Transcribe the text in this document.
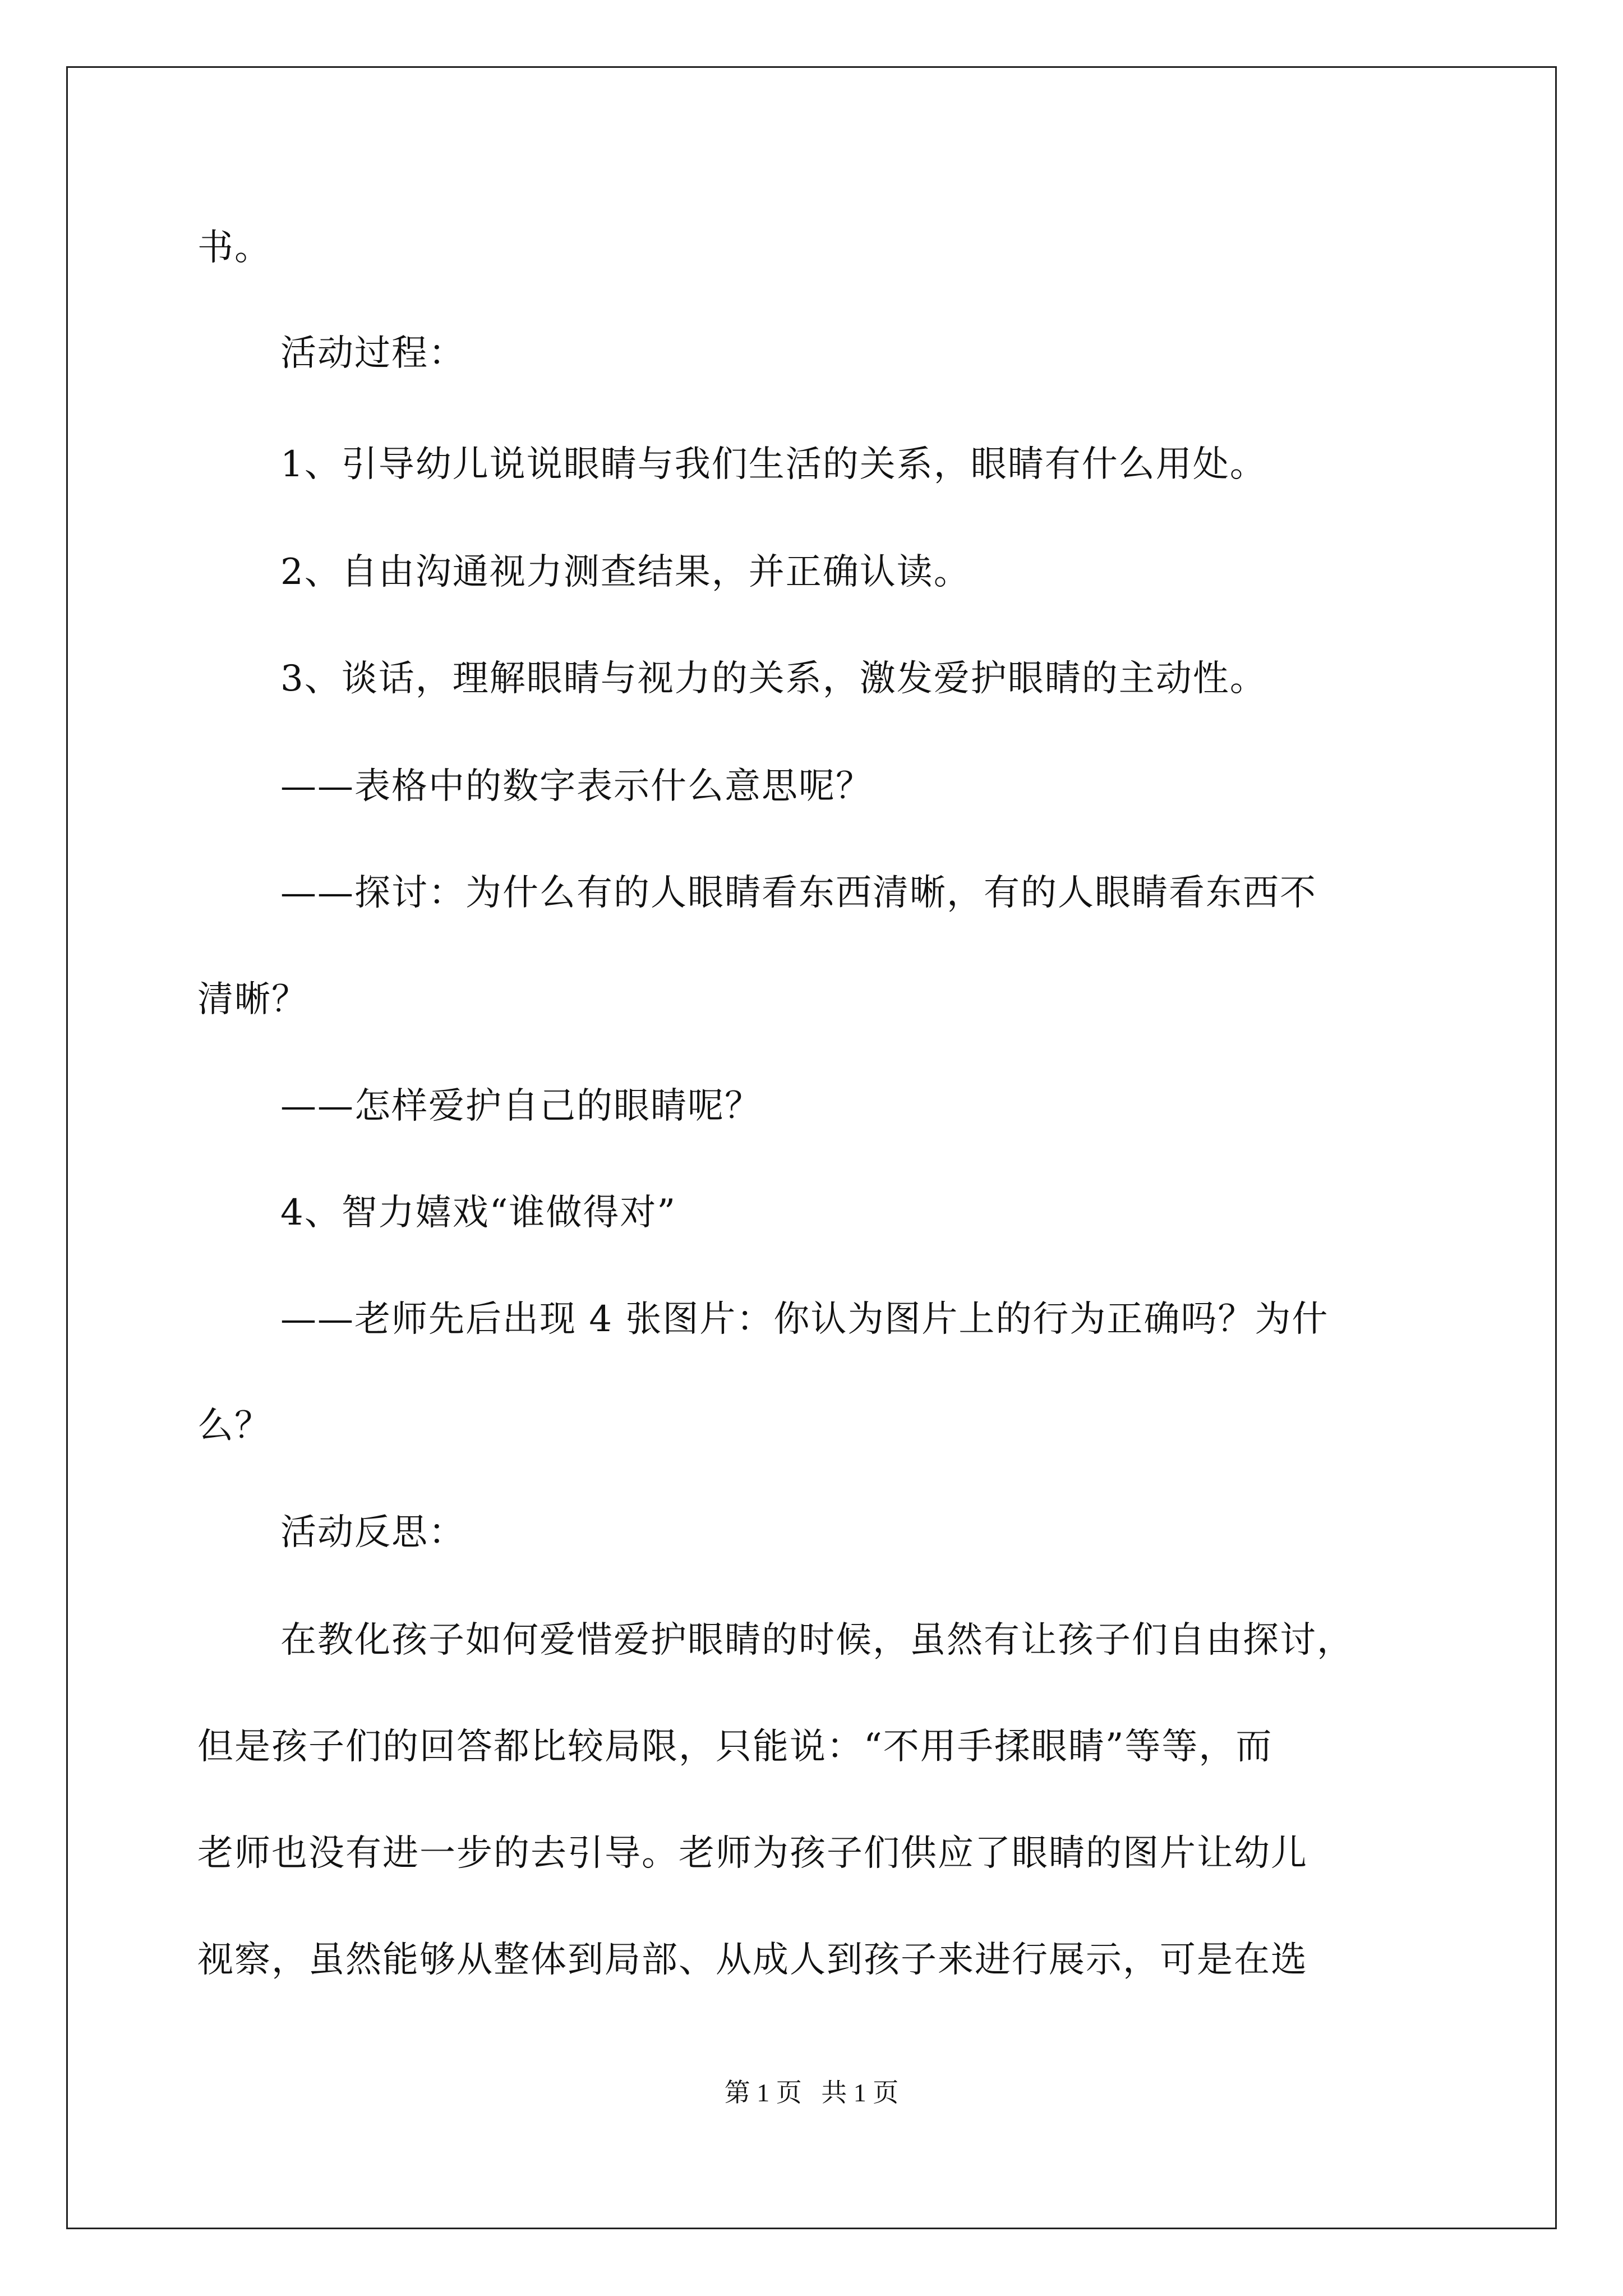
书。
活动过程：
1、引导幼儿说说眼睛与我们生活的关系，眼睛有什么用处。
2、自由沟通视力测查结果，并正确认读。
3、谈话，理解眼睛与视力的关系，激发爱护眼睛的主动性。
——表格中的数字表示什么意思呢？
——探讨：为什么有的人眼睛看东西清晰，有的人眼睛看东西不
清晰？
——怎样爱护自己的眼睛呢？
4、智力嬉戏“谁做得对”
——老师先后出现 4 张图片：你认为图片上的行为正确吗？为什
么？
活动反思：
在教化孩子如何爱惜爱护眼睛的时候，虽然有让孩子们自由探讨，
但是孩子们的回答都比较局限，只能说：“不用手揉眼睛”等等，而
老师也没有进一步的去引导。老师为孩子们供应了眼睛的图片让幼儿
视察，虽然能够从整体到局部、从成人到孩子来进行展示，可是在选
第 1 页   共 1 页
